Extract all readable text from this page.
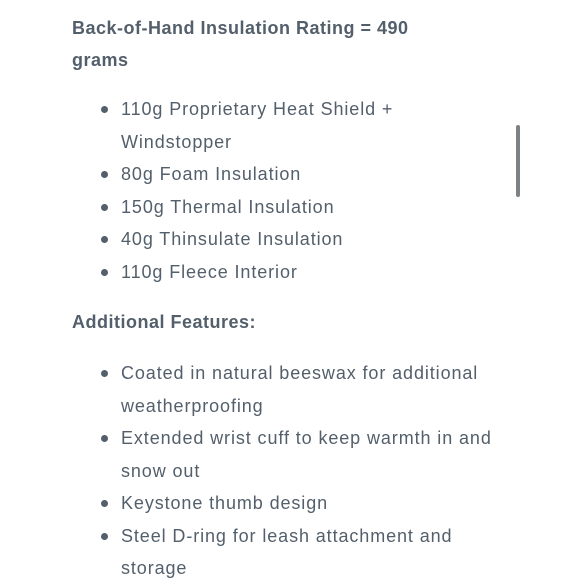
Back-of-Hand Insulation Rating = 490 grams

110g Proprietary Heat Shield + Windstopper
80g Foam Insulation
150g Thermal Insulation
40g Thinsulate Insulation
110g Fleece Interior

Additional Features:

Coated in natural beeswax for additional weatherproofing
Extended wrist cuff to keep warmth in and snow out
Keystone thumb design
Steel D-ring for leash attachment and storage
